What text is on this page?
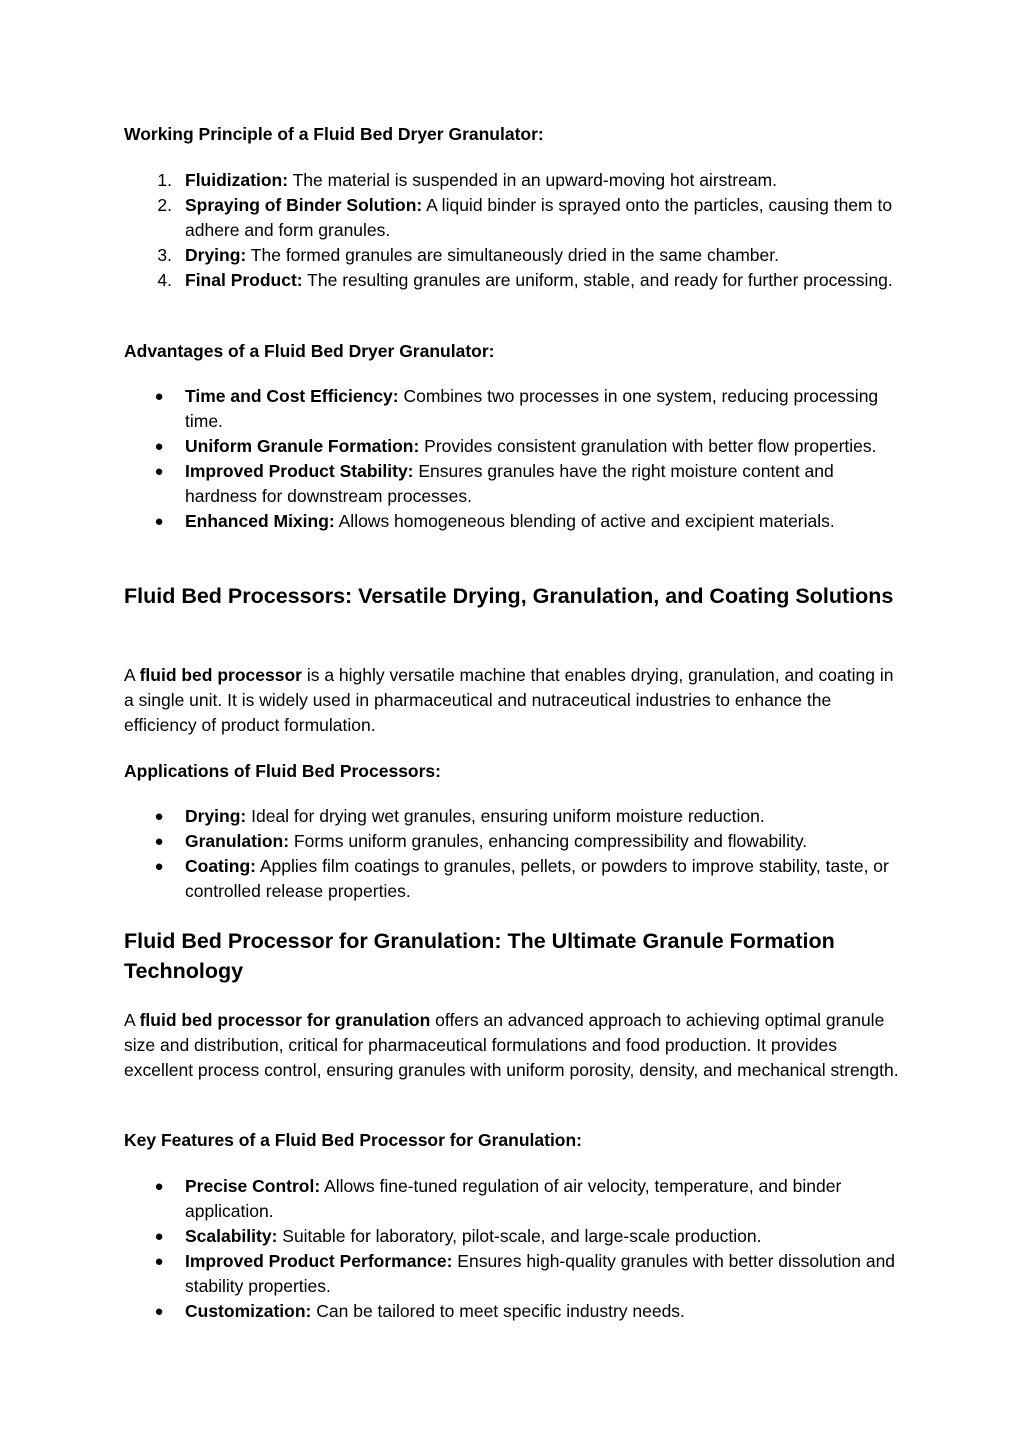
Working Principle of a Fluid Bed Dryer Granulator:
1. Fluidization: The material is suspended in an upward-moving hot airstream.
2. Spraying of Binder Solution: A liquid binder is sprayed onto the particles, causing them to adhere and form granules.
3. Drying: The formed granules are simultaneously dried in the same chamber.
4. Final Product: The resulting granules are uniform, stable, and ready for further processing.
Advantages of a Fluid Bed Dryer Granulator:
● Time and Cost Efficiency: Combines two processes in one system, reducing processing time.
● Uniform Granule Formation: Provides consistent granulation with better flow properties.
● Improved Product Stability: Ensures granules have the right moisture content and hardness for downstream processes.
● Enhanced Mixing: Allows homogeneous blending of active and excipient materials.
Fluid Bed Processors: Versatile Drying, Granulation, and Coating Solutions

A fluid bed processor is a highly versatile machine that enables drying, granulation, and coating in a single unit. It is widely used in pharmaceutical and nutraceutical industries to enhance the efficiency of product formulation.

Applications of Fluid Bed Processors:
● Drying: Ideal for drying wet granules, ensuring uniform moisture reduction.
● Granulation: Forms uniform granules, enhancing compressibility and flowability.
● Coating: Applies film coatings to granules, pellets, or powders to improve stability, taste, or controlled release properties.
Fluid Bed Processor for Granulation: The Ultimate Granule Formation Technology

A fluid bed processor for granulation offers an advanced approach to achieving optimal granule size and distribution, critical for pharmaceutical formulations and food production. It provides excellent process control, ensuring granules with uniform porosity, density, and mechanical strength.

Key Features of a Fluid Bed Processor for Granulation:
● Precise Control: Allows fine-tuned regulation of air velocity, temperature, and binder application.
● Scalability: Suitable for laboratory, pilot-scale, and large-scale production.
● Improved Product Performance: Ensures high-quality granules with better dissolution and stability properties.
● Customization: Can be tailored to meet specific industry needs.
